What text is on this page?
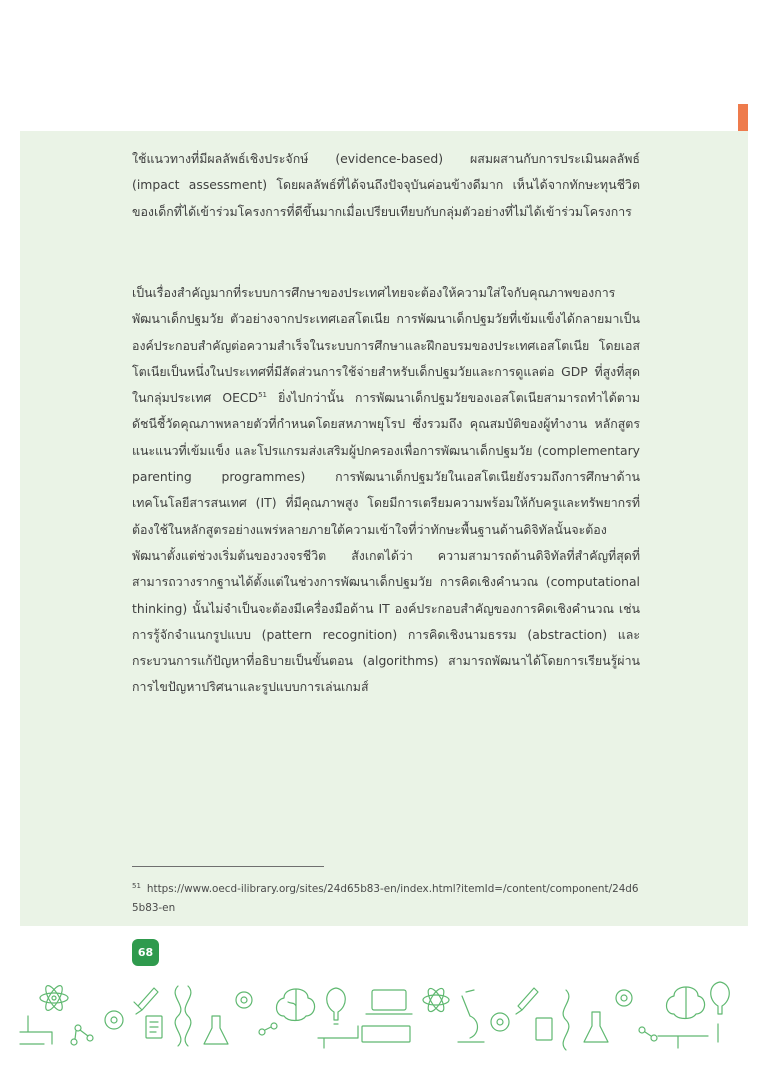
ใช้แนวทางที่มีผลลัพธ์เชิงประจักษ์ (evidence-based) ผสมผสานกับการประเมินผลลัพธ์ (impact assessment) โดยผลลัพธ์ที่ได้จนถึงปัจจุบันค่อนข้างดีมาก เห็นได้จากทักษะทุนชีวิตของเด็กที่ได้เข้าร่วมโครงการที่ดีขึ้นมากเมื่อเปรียบเทียบกับกลุ่มตัวอย่างที่ไม่ได้เข้าร่วมโครงการ
เป็นเรื่องสำคัญมากที่ระบบการศึกษาของประเทศไทยจะต้องให้ความใส่ใจกับคุณภาพของการพัฒนาเด็กปฐมวัย ตัวอย่างจากประเทศเอสโตเนีย การพัฒนาเด็กปฐมวัยที่เข้มแข็งได้กลายมาเป็นองค์ประกอบสำคัญต่อความสำเร็จในระบบการศึกษาและฝึกอบรมของประเทศเอสโตเนีย โดยเอสโตเนียเป็นหนึ่งในประเทศที่มีสัดส่วนการใช้จ่ายสำหรับเด็กปฐมวัยและการดูแลต่อ GDP ที่สูงที่สุดในกลุ่มประเทศ OECD$^{51}$ ยิ่งไปกว่านั้น การพัฒนาเด็กปฐมวัยของเอสโตเนียสามารถทำได้ตามดัชนีชี้วัดคุณภาพหลายตัวที่กำหนดโดยสหภาพยุโรป ซึ่งรวมถึง คุณสมบัติของผู้ทำงาน หลักสูตรแนะแนวที่เข้มแข็ง และโปรแกรมส่งเสริมผู้ปกครองเพื่อการพัฒนาเด็กปฐมวัย (complementary parenting programmes) การพัฒนาเด็กปฐมวัยในเอสโตเนียยังรวมถึงการศึกษาด้านเทคโนโลยีสารสนเทศ (IT) ที่มีคุณภาพสูง โดยมีการเตรียมความพร้อมให้กับครูและทรัพยากรที่ต้องใช้ในหลักสูตรอย่างแพร่หลายภายใต้ความเข้าใจที่ว่าทักษะพื้นฐานด้านดิจิทัลนั้นจะต้องพัฒนาตั้งแต่ช่วงเริ่มต้นของวงจรชีวิต สังเกตได้ว่า ความสามารถด้านดิจิทัลที่สำคัญที่สุดที่สามารถวางรากฐานได้ตั้งแต่ในช่วงการพัฒนาเด็กปฐมวัย การคิดเชิงคำนวณ (computational thinking) นั้นไม่จำเป็นจะต้องมีเครื่องมือด้าน IT องค์ประกอบสำคัญของการคิดเชิงคำนวณ เช่น การรู้จักจำแนกรูปแบบ (pattern recognition) การคิดเชิงนามธรรม (abstraction) และกระบวนการแก้ปัญหาที่อธิบายเป็นขั้นตอน (algorithms) สามารถพัฒนาได้โดยการเรียนรู้ผ่านการไขปัญหาปริศนาและรูปแบบการเล่นเกมส์
$^{51}$ https://www.oecd-ilibrary.org/sites/24d65b83-en/index.html?itemId=/content/component/24d65b83-en
68
